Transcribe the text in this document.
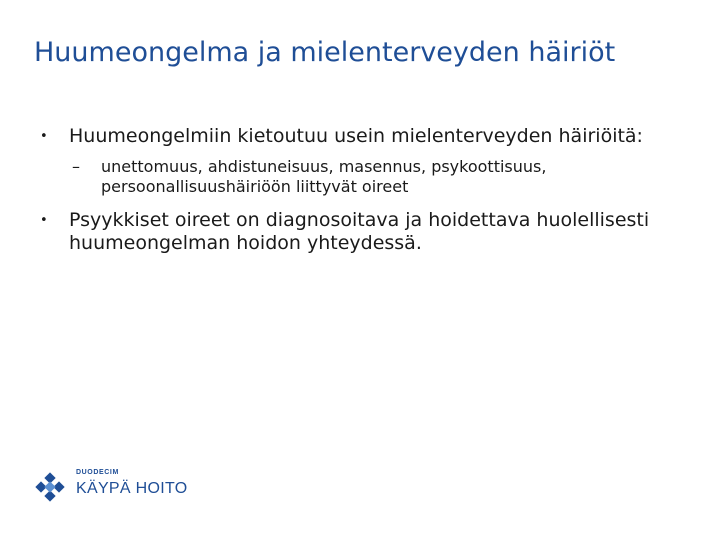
Huumeongelma ja mielenterveyden häiriöt
• Huumeongelmiin kietoutuu usein mielenterveyden häiriöitä:
– unettomuus, ahdistuneisuus, masennus, psykoottisuus, persoonallisuushäiriöön liittyvät oireet
• Psyykkiset oireet on diagnosoitava ja hoidettava huolellisesti huumeongelman hoidon yhteydessä.
DUODECIM
KÄYPÄ HOITO
